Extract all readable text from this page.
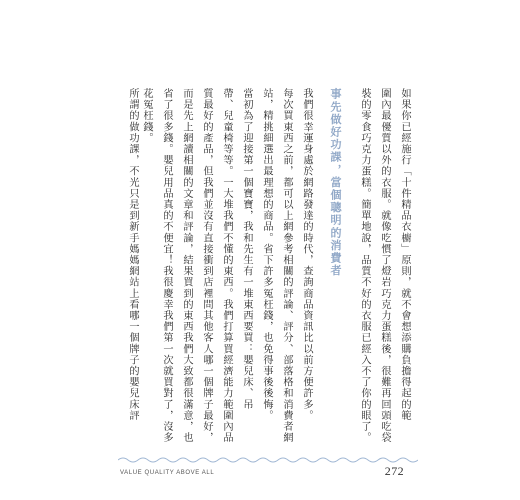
如果你已經施行「十件精品衣櫥」原則，就不會想添購負擔得起的範
圍內最優質以外的衣服。就像吃慣了燈岩巧克力蛋糕後，很難再回頭吃袋
裝的零食巧克力蛋糕。簡單地說，品質不好的衣服已經入不了你的眼了。
事先做好功課，當個聰明的消費者
我們很幸運身處於網路發達的時代，查詢商品資訊比以前方便許多。
每次買東西之前，都可以上網參考相關的評論、評分、部落格和消費者網
站，精挑細選出最理想的商品。省下許多冤枉錢，也免得事後後悔。
當初為了迎接第一個寶寶，我和先生有一堆東西要買：嬰兒床、吊
帶、兒童椅等等。一大堆我們不懂的東西。我們打算買經濟能力範圍內品
質最好的產品，但我們並沒有直接衝到店裡問其他客人哪一個牌子最好，
而是先上網讀相關的文章和評論，結果買到的東西我們大致都很滿意，也
省了很多錢。嬰兒用品真的不便宜！我很慶幸我們第一次就買對了，沒多
花冤枉錢。
所謂的做功課，不光只是到新手媽媽網站上看哪一個牌子的嬰兒床評
VALUE QUALITY ABOVE ALL	272
